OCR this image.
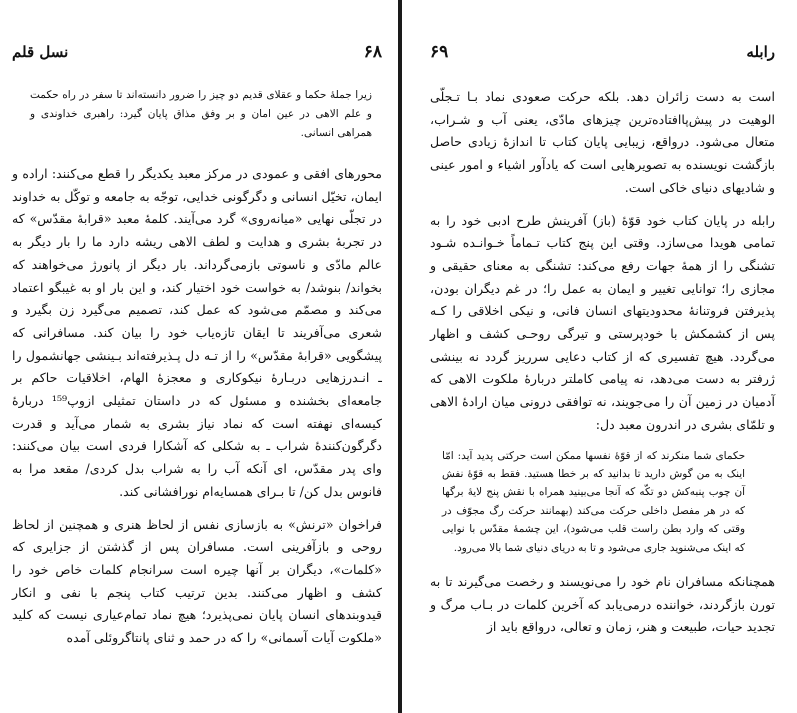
۶۸
نسل قلم
زیرا جملهٔ حکما و عقلای قدیم دو چیز را ضرور دانسته‌اند تا سفر در راه حکمت و علم الاهی در عین امان و بر وفق مذاق پایان گیرد: راهبری خداوندی و همراهی انسانی.

محورهای افقی و عمودی در مرکز معبد یکدیگر را قطع می‌کنند: اراده و ایمان، تخیّل انسانی و دگرگونی خدایی، توجّه به جامعه و توکّل به خداوند در تجلّی نهایی «میانه‌روی» گرد می‌آیند. کلمهٔ معبد «قرابهٔ مقدّس» که در تجربهٔ بشری و هدایت و لطف الاهی ریشه دارد ما را بار دیگر به عالم مادّی و ناسوتی بازمی‌گرداند. بار دیگر از پانورژ می‌خواهند که بخواند/ بنوشد/ به خواست خود اختیار کند، و این بار او به غیبگو اعتماد می‌کند و مصمّم می‌شود که عمل کند، تصمیم می‌گیرد زن بگیرد و شعری می‌آفریند تا ایقان تازه‌یاب خود را بیان کند. مسافرانی که پیشگویی «قرابهٔ مقدّس» را از تـه دل پـذیرفته‌اند بـینشی جهانشمول را ـ انـدرزهایی دربـارهٔ نیکوکاری و معجزهٔ الهام، اخلاقیات حاکم بر جامعه‌ای بخشنده و مسئول که در داستان تمثیلی ازوپ¹⁵⁹ دربارهٔ کیسه‌ای نهفته است که نماد نیاز بشری به شمار می‌آید و قدرت دگرگون‌کنندهٔ شراب ـ به شکلی که آشکارا فردی است بیان می‌کنند: وای پدر مقدّس، ای آنکه آب را به شراب بدل کردی/ مقعد مرا به فانوس بدل کن/ تا بـرای همسایه‌ام نورافشانی کند.

فراخوان «ترنش» به بازسازی نفس از لحاظ هنری و همچنین از لحاظ روحی و بازآفرینی است. مسافران پس از گذشتن از جزایری که «کلمات»، دیگران بر آنها چیره است سرانجام کلمات خاص خود را کشف و اظهار می‌کنند. بدین ترتیب کتاب پنجم با نفی و انکار قیدوبندهای انسان پایان نمی‌پذیرد؛ هیچ نماد تمام‌عیاری نیست که کلید «ملکوت آیات آسمانی» را که در حمد و ثنای پانتاگروئلی آمده

رابله
۶۹

است به دست زائران دهد. بلکه حرکت صعودی نماد بـا تـجلّی الوهیت در پیش‌پاافتاده‌ترین چیزهای مادّی، یعنی آب و شـراب، متعال می‌شود. درواقع، زیبایی پایان کتاب تا اندازهٔ زیادی حاصل بازگشت نویسنده به تصویرهایی است که یادآور اشیاء و امور عینی و شادیهای دنیای خاکی است.

رابله در پایان کتاب خود قوّهٔ (باز) آفرینش طرح ادبی خود را به تمامی هویدا می‌سازد. وقتی این پنج کتاب تـماماً خـوانـده شـود تشنگی را از همهٔ جهات رفع می‌کند: تشنگی به معنای حقیقی و مجازی را؛ توانایی تغییر و ایمان به عمل را؛ در غم دیگران بودن، پذیرفتن فروتنانهٔ محدودیتهای انسان فانی، و نیکی اخلاقی را کـه پس از کشمکش با خودپرستی و تیرگی روحـی کشف و اظهار می‌گردد. هیچ تفسیری که از کتاب دعایی سرریز گردد نه بینشی ژرفتر به دست می‌دهد، نه پیامی کاملتر دربارهٔ ملکوت الاهی که آدمیان در زمین آن را می‌جویند، نه توافقی درونی میان ارادهٔ الاهی و تلمّای بشری در اندرون معبد دل:

حکمای شما منکرند که از قوّهٔ نفسها ممکن است حرکتی پدید آید: امّا اینک به من گوش دارید تا بدانید که بر خطا هستید. فقط به قوّهٔ نفش آن چوب پنبه‌کش دو تکّه که آنجا می‌بینید همراه با نقش پنج لایهٔ برگها که در هر مفصل داخلی حرکت می‌کند (بهمانند حرکت رگ مجوّف در وقتی که وارد بطن راست قلب می‌شود)، این چشمهٔ مقدّس با نوایی که اینک می‌شنوید جاری می‌شود و تا به دریای دنیای شما بالا می‌رود.

همچنانکه مسافران نام خود را می‌نویسند و رخصت می‌گیرند تا به تورن بازگردند، خواننده درمی‌یابد که آخرین کلمات در بـاب مرگ و تجدید حیات، طبیعت و هنر، زمان و تعالی، درواقع باید از
